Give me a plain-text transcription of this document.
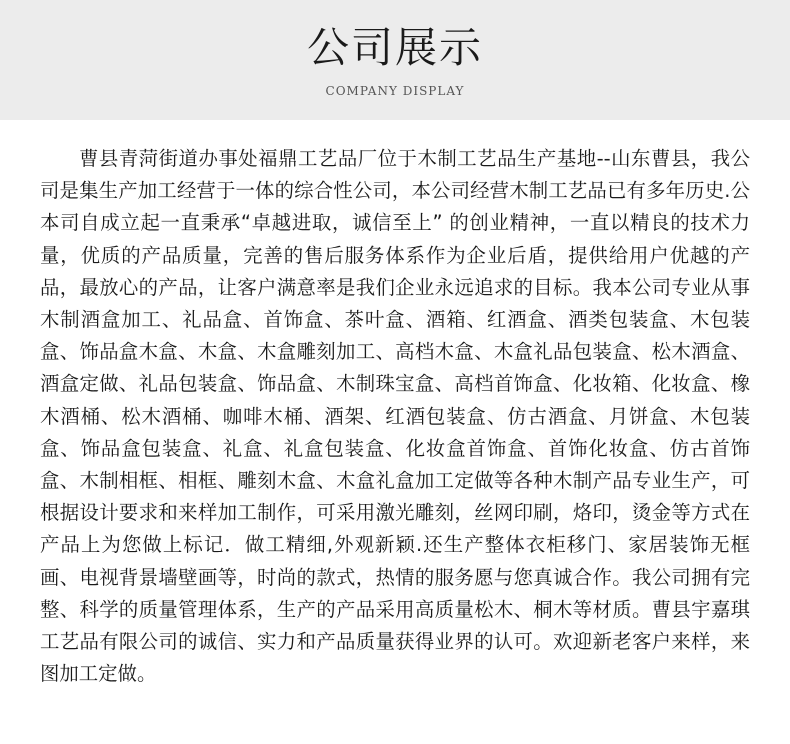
公司展示
COMPANY DISPLAY

曹县青菏街道办事处福鼎工艺品厂位于木制工艺品生产基地--山东曹县，我公司是集生产加工经营于一体的综合性公司，本公司经营木制工艺品已有多年历史.公本司自成立起一直秉承“卓越进取，诚信至上” 的创业精神，一直以精良的技术力量，优质的产品质量，完善的售后服务体系作为企业后盾，提供给用户优越的产品，最放心的产品，让客户满意率是我们企业永远追求的目标。我本公司专业从事木制酒盒加工、礼品盒、首饰盒、茶叶盒、酒箱、红酒盒、酒类包装盒、木包装盒、饰品盒木盒、木盒、木盒雕刻加工、高档木盒、木盒礼品包装盒、松木酒盒、酒盒定做、礼品包装盒、饰品盒、木制珠宝盒、高档首饰盒、化妆箱、化妆盒、橡木酒桶、松木酒桶、咖啡木桶、酒架、红酒包装盒、仿古酒盒、月饼盒、木包装盒、饰品盒包装盒、礼盒、礼盒包装盒、化妆盒首饰盒、首饰化妆盒、仿古首饰盒、木制相框、相框、雕刻木盒、木盒礼盒加工定做等各种木制产品专业生产，可根据设计要求和来样加工制作，可采用激光雕刻，丝网印刷，烙印，烫金等方式在产品上为您做上标记．做工精细,外观新颖.还生产整体衣柜移门、家居装饰无框画、电视背景墙壁画等，时尚的款式，热情的服务愿与您真诚合作。我公司拥有完整、科学的质量管理体系，生产的产品采用高质量松木、桐木等材质。曹县宇嘉琪工艺品有限公司的诚信、实力和产品质量获得业界的认可。欢迎新老客户来样，来图加工定做。
